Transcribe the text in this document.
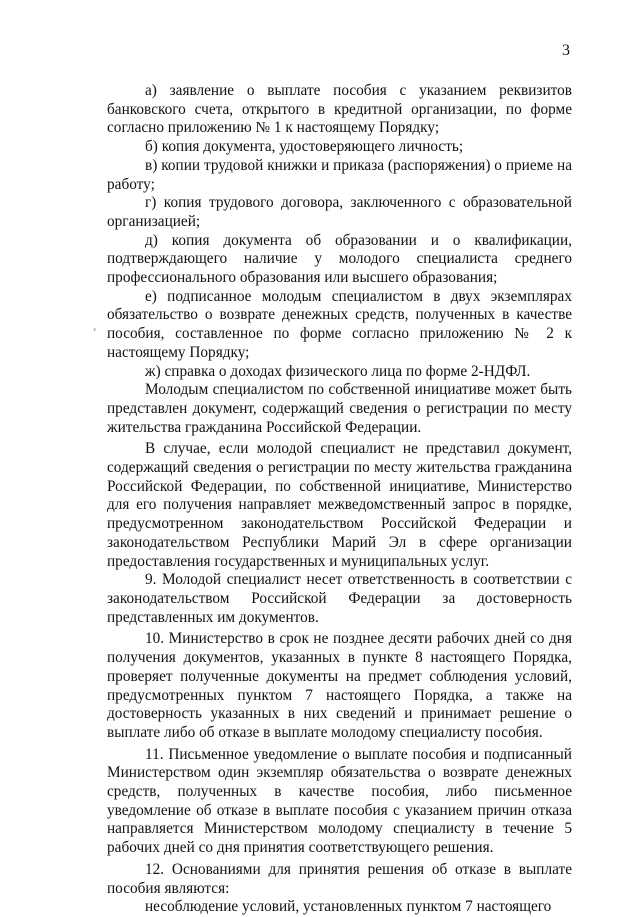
3
¸

а) заявление о выплате пособия с указанием реквизитов банковского счета, открытого в кредитной организации, по форме согласно приложению № 1 к настоящему Порядку;

б) копия документа, удостоверяющего личность;

в) копии трудовой книжки и приказа (распоряжения) о приеме на работу;

г) копия трудового договора, заключенного с образовательной организацией;

д) копия документа об образовании и о квалификации, подтверждающего наличие у молодого специалиста среднего профессионального образования или высшего образования;

е) подписанное молодым специалистом в двух экземплярах обязательство о возврате денежных средств, полученных в качестве пособия, составленное по форме согласно приложению № 2 к настоящему Порядку;

ж) справка о доходах физического лица по форме 2-НДФЛ.

Молодым специалистом по собственной инициативе может быть представлен документ, содержащий сведения о регистрации по месту жительства гражданина Российской Федерации.

В случае, если молодой специалист не представил документ, содержащий сведения о регистрации по месту жительства гражданина Российской Федерации, по собственной инициативе, Министерство для его получения направляет межведомственный запрос в порядке, предусмотренном законодательством Российской Федерации и законодательством Республики Марий Эл в сфере организации предоставления государственных и муниципальных услуг.

9. Молодой специалист несет ответственность в соответствии с законодательством Российской Федерации за достоверность представленных им документов.

10. Министерство в срок не позднее десяти рабочих дней со дня получения документов, указанных в пункте 8 настоящего Порядка, проверяет полученные документы на предмет соблюдения условий, предусмотренных пунктом 7 настоящего Порядка, а также на достоверность указанных в них сведений и принимает решение о выплате либо об отказе в выплате молодому специалисту пособия.

11. Письменное уведомление о выплате пособия и подписанный Министерством один экземпляр обязательства о возврате денежных средств, полученных в качестве пособия, либо письменное уведомление об отказе в выплате пособия с указанием причин отказа направляется Министерством молодому специалисту в течение 5 рабочих дней со дня принятия соответствующего решения.

12. Основаниями для принятия решения об отказе в выплате пособия являются:

несоблюдение условий, установленных пунктом 7 настоящего
